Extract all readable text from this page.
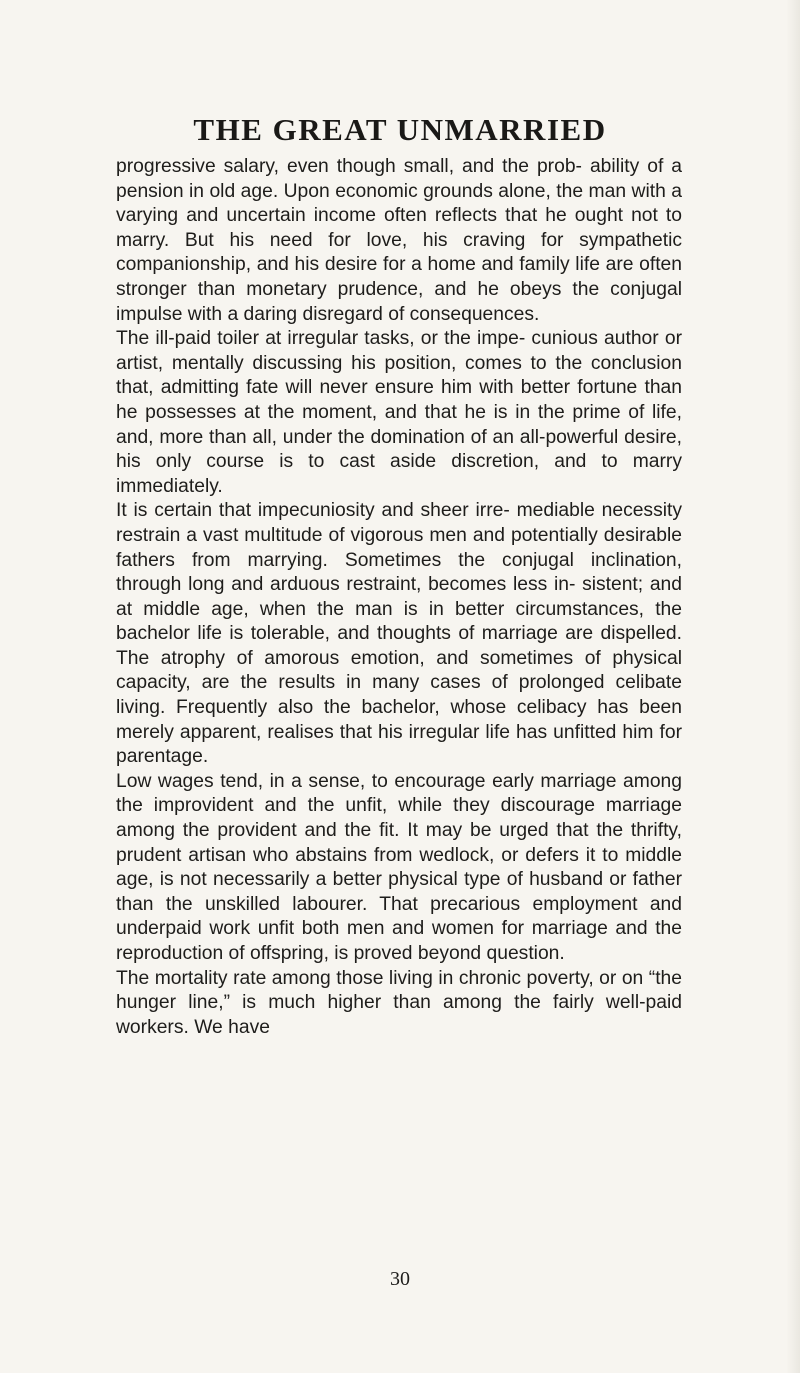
THE GREAT UNMARRIED

progressive salary, even though small, and the prob- ability of a pension in old age. Upon economic grounds alone, the man with a varying and uncertain income often reflects that he ought not to marry. But his need for love, his craving for sympathetic companionship, and his desire for a home and family life are often stronger than monetary prudence, and he obeys the conjugal impulse with a daring disregard of consequences.

The ill-paid toiler at irregular tasks, or the impe- cunious author or artist, mentally discussing his position, comes to the conclusion that, admitting fate will never ensure him with better fortune than he possesses at the moment, and that he is in the prime of life, and, more than all, under the domination of an all-powerful desire, his only course is to cast aside discretion, and to marry immediately.

It is certain that impecuniosity and sheer irre- mediable necessity restrain a vast multitude of vigorous men and potentially desirable fathers from marrying. Sometimes the conjugal inclination, through long and arduous restraint, becomes less in- sistent; and at middle age, when the man is in better circumstances, the bachelor life is tolerable, and thoughts of marriage are dispelled. The atrophy of amorous emotion, and sometimes of physical capacity, are the results in many cases of prolonged celibate living. Frequently also the bachelor, whose celibacy has been merely apparent, realises that his irregular life has unfitted him for parentage.

Low wages tend, in a sense, to encourage early marriage among the improvident and the unfit, while they discourage marriage among the provident and the fit. It may be urged that the thrifty, prudent artisan who abstains from wedlock, or defers it to middle age, is not necessarily a better physical type of husband or father than the unskilled labourer. That precarious employment and underpaid work unfit both men and women for marriage and the reproduction of offspring, is proved beyond question.

The mortality rate among those living in chronic poverty, or on “the hunger line,” is much higher than among the fairly well-paid workers. We have

30
